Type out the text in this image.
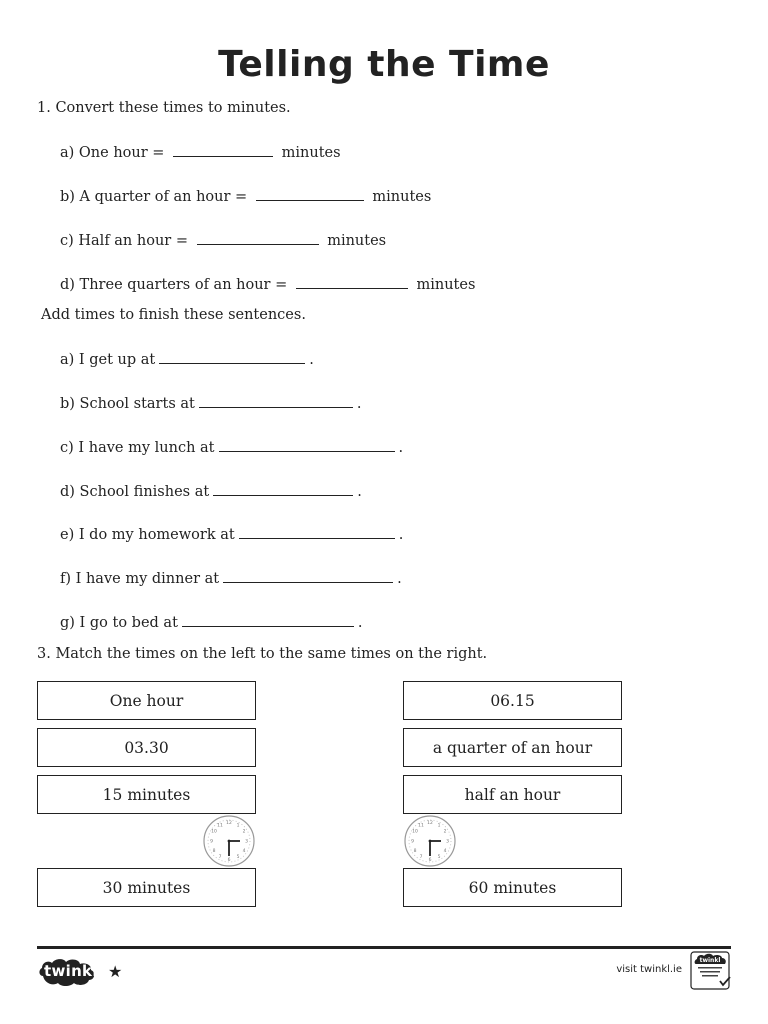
Telling the Time
1. Convert these times to minutes.
a) One hour =	minutes
b) A quarter of an hour =	minutes
c) Half an hour =	minutes
d) Three quarters of an hour =	minutes
Add times to finish these sentences.
a) I get up at	.
b) School starts at	.
c) I have my lunch at	.
d) School finishes at	.
e) I do my homework at	.
f) I have my dinner at	.
g) I go to bed at	.
3. Match the times on the left to the same times on the right.
One hour
03.30
15 minutes
30 minutes
06.15
a quarter of an hour
half an hour
60 minutes
12 1
2
3
4
5
6
7
8
9
10
11	12 1
2
3
4
5
6
7
8
9
10
11
twinkl ★	visit twinkl.ie
twinkl
